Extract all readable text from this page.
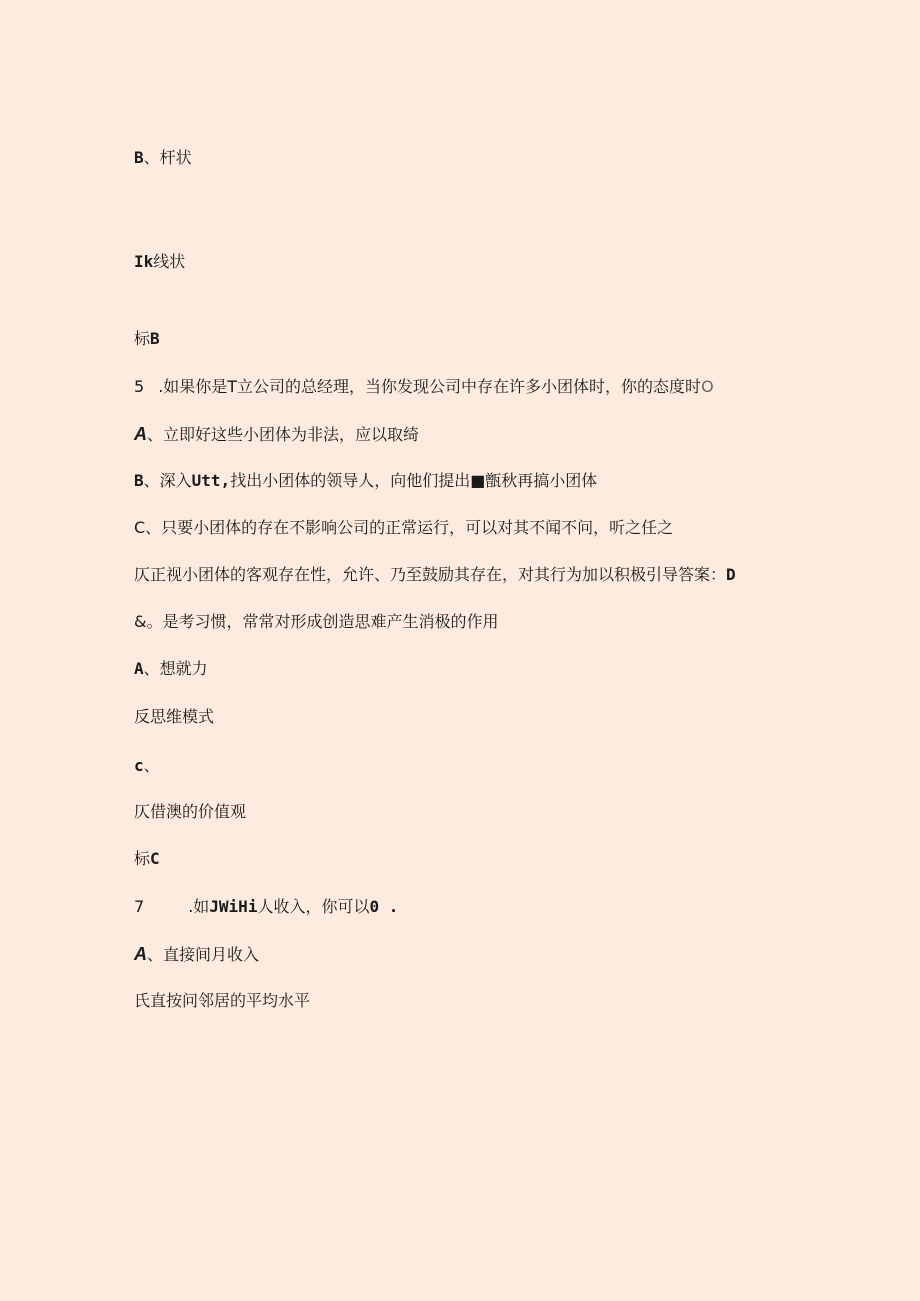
B、杆状
Ik线状
标B
5 .如果你是T立公司的总经理，当你发现公司中存在许多小团体时，你的态度时O
A、立即好这些小团体为非法，应以取绮
B、深入Utt,找出小团体的领导人，向他们提出■甑秋再搞小团体
C、只要小团体的存在不影响公司的正常运行，可以对其不闻不问，听之任之
仄正视小团体的客观存在性，允许、乃至鼓励其存在，对其行为加以积极引导答案：D
&。是考习惯，常常对形成创造思难产生消极的作用
A、想就力
反思维模式
c、
仄借澳的价值观
标C
7	.如JWiHi人收入，你可以0 .
A、直接间月收入
氏直按问邻居的平均水平
